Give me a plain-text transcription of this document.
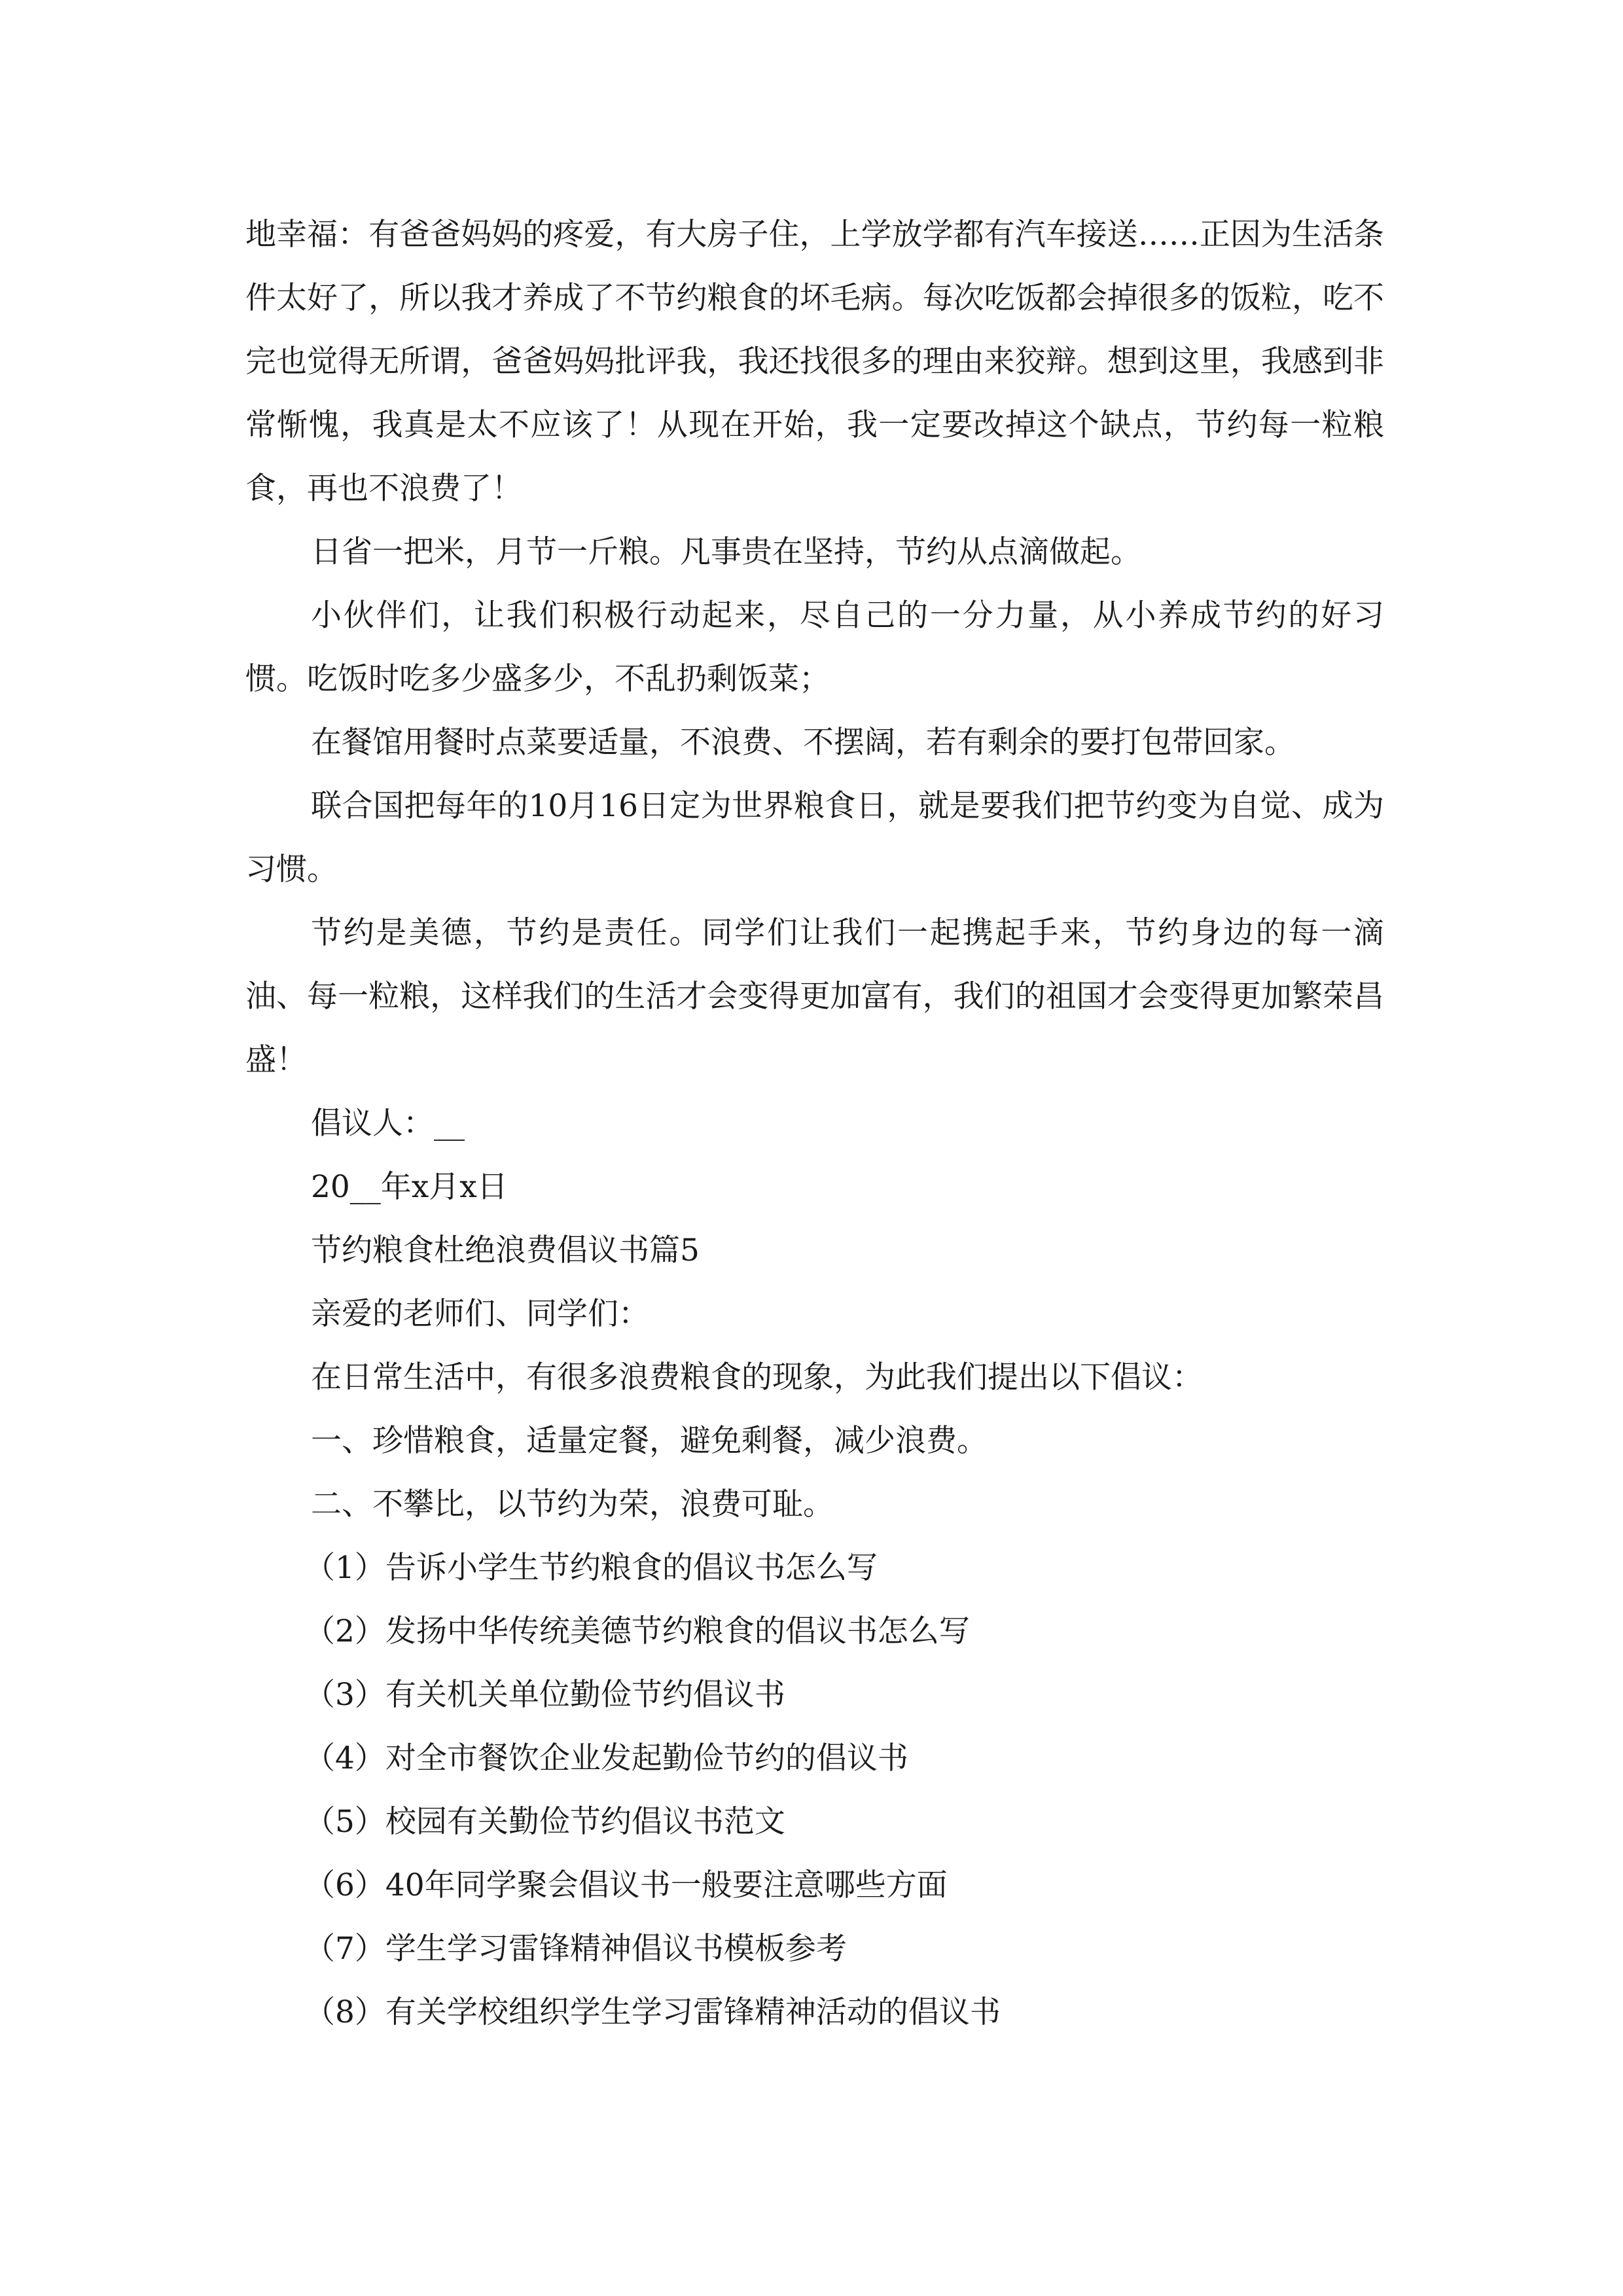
地幸福：有爸爸妈妈的疼爱，有大房子住，上学放学都有汽车接送……正因为生活条件太好了，所以我才养成了不节约粮食的坏毛病。每次吃饭都会掉很多的饭粒，吃不完也觉得无所谓，爸爸妈妈批评我，我还找很多的理由来狡辩。想到这里，我感到非常惭愧，我真是太不应该了！从现在开始，我一定要改掉这个缺点，节约每一粒粮食，再也不浪费了！

日省一把米，月节一斤粮。凡事贵在坚持，节约从点滴做起。

小伙伴们，让我们积极行动起来，尽自己的一分力量，从小养成节约的好习惯。吃饭时吃多少盛多少，不乱扔剩饭菜；

在餐馆用餐时点菜要适量，不浪费、不摆阔，若有剩余的要打包带回家。

联合国把每年的10月16日定为世界粮食日，就是要我们把节约变为自觉、成为习惯。

节约是美德，节约是责任。同学们让我们一起携起手来，节约身边的每一滴油、每一粒粮，这样我们的生活才会变得更加富有，我们的祖国才会变得更加繁荣昌盛！

倡议人：__

20__年x月x日

节约粮食杜绝浪费倡议书篇5

亲爱的老师们、同学们：

在日常生活中，有很多浪费粮食的现象，为此我们提出以下倡议：

一、珍惜粮食，适量定餐，避免剩餐，减少浪费。

二、不攀比，以节约为荣，浪费可耻。

（1）告诉小学生节约粮食的倡议书怎么写
（2）发扬中华传统美德节约粮食的倡议书怎么写
（3）有关机关单位勤俭节约倡议书
（4）对全市餐饮企业发起勤俭节约的倡议书
（5）校园有关勤俭节约倡议书范文
（6）40年同学聚会倡议书一般要注意哪些方面
（7）学生学习雷锋精神倡议书模板参考
（8）有关学校组织学生学习雷锋精神活动的倡议书
